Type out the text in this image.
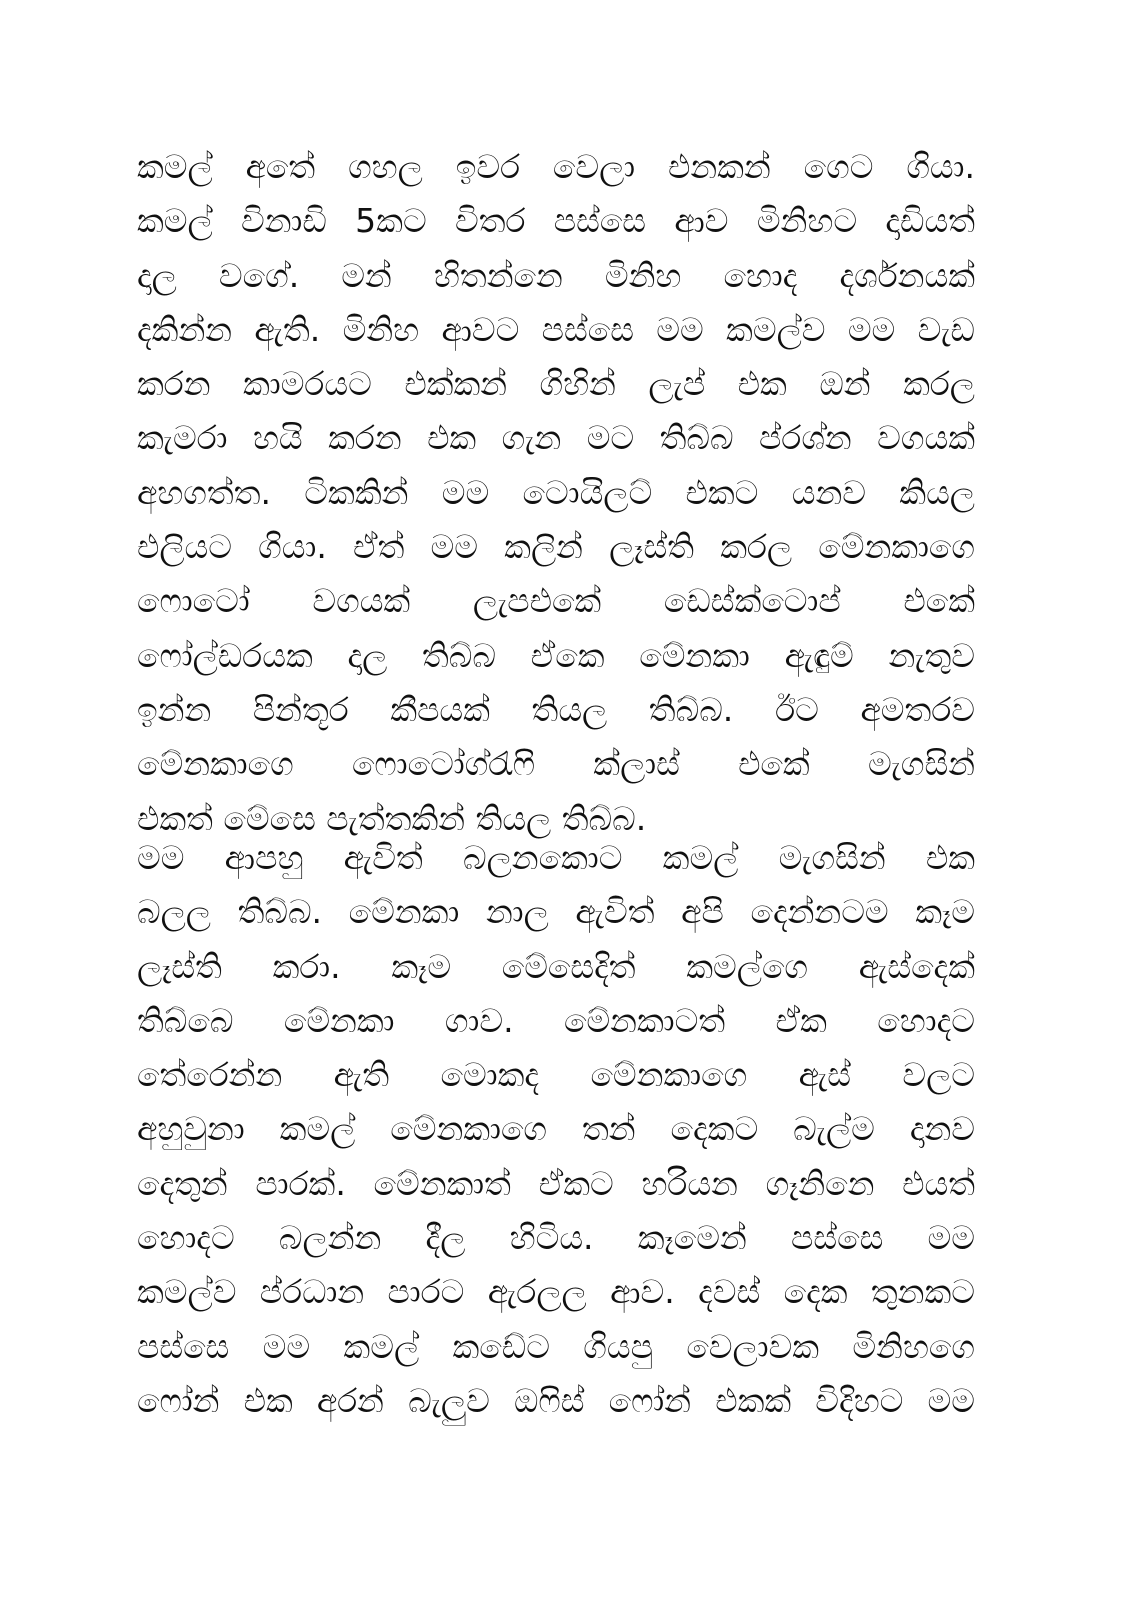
කමල් අතේ ගහල ඉවර වෙලා එනකන් ගෙට ගියා.
කමල් විනාඩි 5කට විතර පස්සෙ ආව මිනිහට දාඩියත්
දාල වගේ. මන් හිතන්නෙ මිනිහ හොද දර්ශනයක්
දකින්න ඇති. මිනිහ ආවට පස්සෙ මම කමල්ව මම වැඩ
කරන කාමරයට එක්කන් ගිහින් ලැප් එක ඔන් කරල
කැමරා හයි කරන එක ගැන මට තිබ්බ ප්රශ්න වගයක්
අහගත්ත. ටිකකින් මම ටොයිලට් එකට යනව කියල
එලියට ගියා. ඒත් මම කලින් ලෑස්ති කරල මේනකාගෙ
ෆොටෝ වගයක් ලැපඑකේ ඩෙස්ක්ටොප් එකේ
ෆෝල්ඩරයක දාල තිබ්බ ඒකෙ මේනකා ඇඳුම් නැතුව
ඉන්න පින්තූර කීපයක් තියල තිබ්බ. ඊට අමතරව
මේනකාගෙ ෆොටෝග්රැෆි ක්ලාස් එකේ මැගසින්
එකත් මේසෙ පැත්තකින් තියල තිබ්බ.
මම ආපහු ඇවිත් බලනකොට කමල් මැගසින් එක
බලල තිබ්බ. මේනකා නාල ඇවිත් අපි දෙන්නටම කෑම
ලෑස්ති කරා. කෑම මේසෙදිත් කමල්ගෙ ඇස්දෙක්
තිබ්බෙ මේනකා ගාව. මේනකාටත් ඒක හොදට
තේරෙන්න ඇති මොකද මේනකාගෙ ඇස් වලට
අහුවුනා කමල් මේනකාගෙ තන් දෙකට බැල්ම දානව
දෙතුන් පාරක්. මේනකාත් ඒකට හරියන ගෑනිනෙ එයත්
හොදට බලන්න දීල හිටිය. කෑමෙන් පස්සෙ මම
කමල්ව ප්රධාන පාරට ඇරලල ආව. දවස් දෙක තුනකට
පස්සෙ මම කමල් කඩේට ගියපු වෙලාවක මිනිහගෙ
ෆෝන් එක අරන් බැලුව ඔෆිස් ෆෝන් එකක් විදිහට මම
